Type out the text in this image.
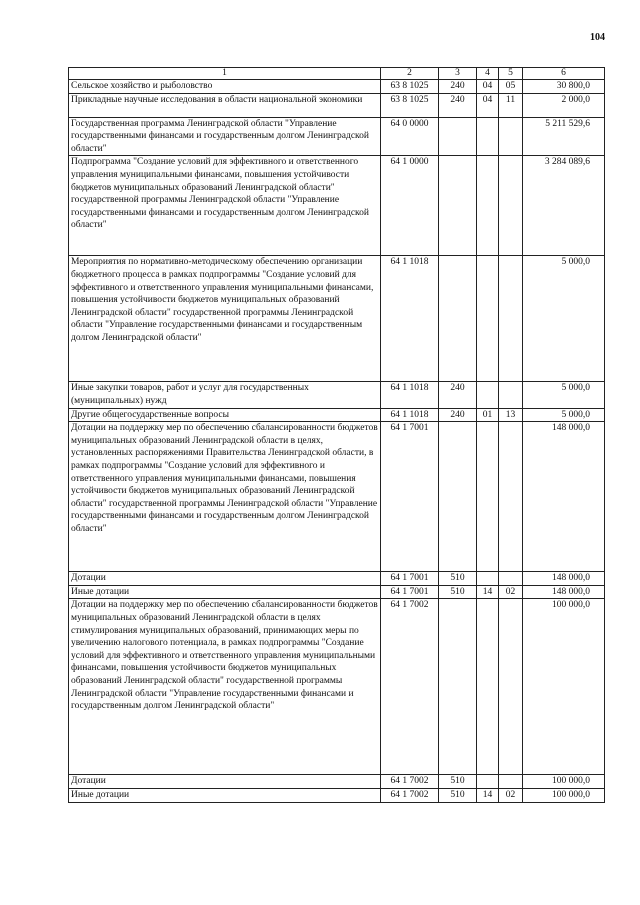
104
1	2	3	4	5	6
Сельское хозяйство и рыболовство	63 8 1025	240	04	05	30 800,0
Прикладные научные исследования в области национальной экономики	63 8 1025	240	04	11	2 000,0
Государственная программа Ленинградской области "Управление государственными финансами и государственным долгом Ленинградской области"	64 0 0000				5 211 529,6
Подпрограмма "Создание условий для эффективного и ответственного управления муниципальными финансами, повышения устойчивости бюджетов муниципальных образований Ленинградской области" государственной программы Ленинградской области "Управление государственными финансами и государственным долгом Ленинградской области"	64 1 0000				3 284 089,6
Мероприятия по нормативно-методическому обеспечению организации бюджетного процесса в рамках подпрограммы "Создание условий для эффективного и ответственного управления муниципальными финансами, повышения устойчивости бюджетов муниципальных образований Ленинградской области" государственной программы Ленинградской области "Управление государственными финансами и государственным долгом Ленинградской области"	64 1 1018				5 000,0
Иные закупки товаров, работ и услуг для государственных (муниципальных) нужд	64 1 1018	240			5 000,0
Другие общегосударственные вопросы	64 1 1018	240	01	13	5 000,0
Дотации на поддержку мер по обеспечению сбалансированности бюджетов муниципальных образований Ленинградской области в целях, установленных распоряжениями Правительства Ленинградской области, в рамках подпрограммы "Создание условий для эффективного и ответственного управления муниципальными финансами, повышения устойчивости бюджетов муниципальных образований Ленинградской области" государственной программы Ленинградской области "Управление государственными финансами и государственным долгом Ленинградской области"	64 1 7001				148 000,0
Дотации	64 1 7001	510			148 000,0
Иные дотации	64 1 7001	510	14	02	148 000,0
Дотации на поддержку мер по обеспечению сбалансированности бюджетов муниципальных образований Ленинградской области в целях стимулирования муниципальных образований, принимающих меры по увеличению налогового потенциала, в рамках подпрограммы "Создание условий для эффективного и ответственного управления муниципальными финансами, повышения устойчивости бюджетов муниципальных образований Ленинградской области" государственной программы Ленинградской области "Управление государственными финансами и государственным долгом Ленинградской области"	64 1 7002				100 000,0
Дотации	64 1 7002	510			100 000,0
Иные дотации	64 1 7002	510	14	02	100 000,0
